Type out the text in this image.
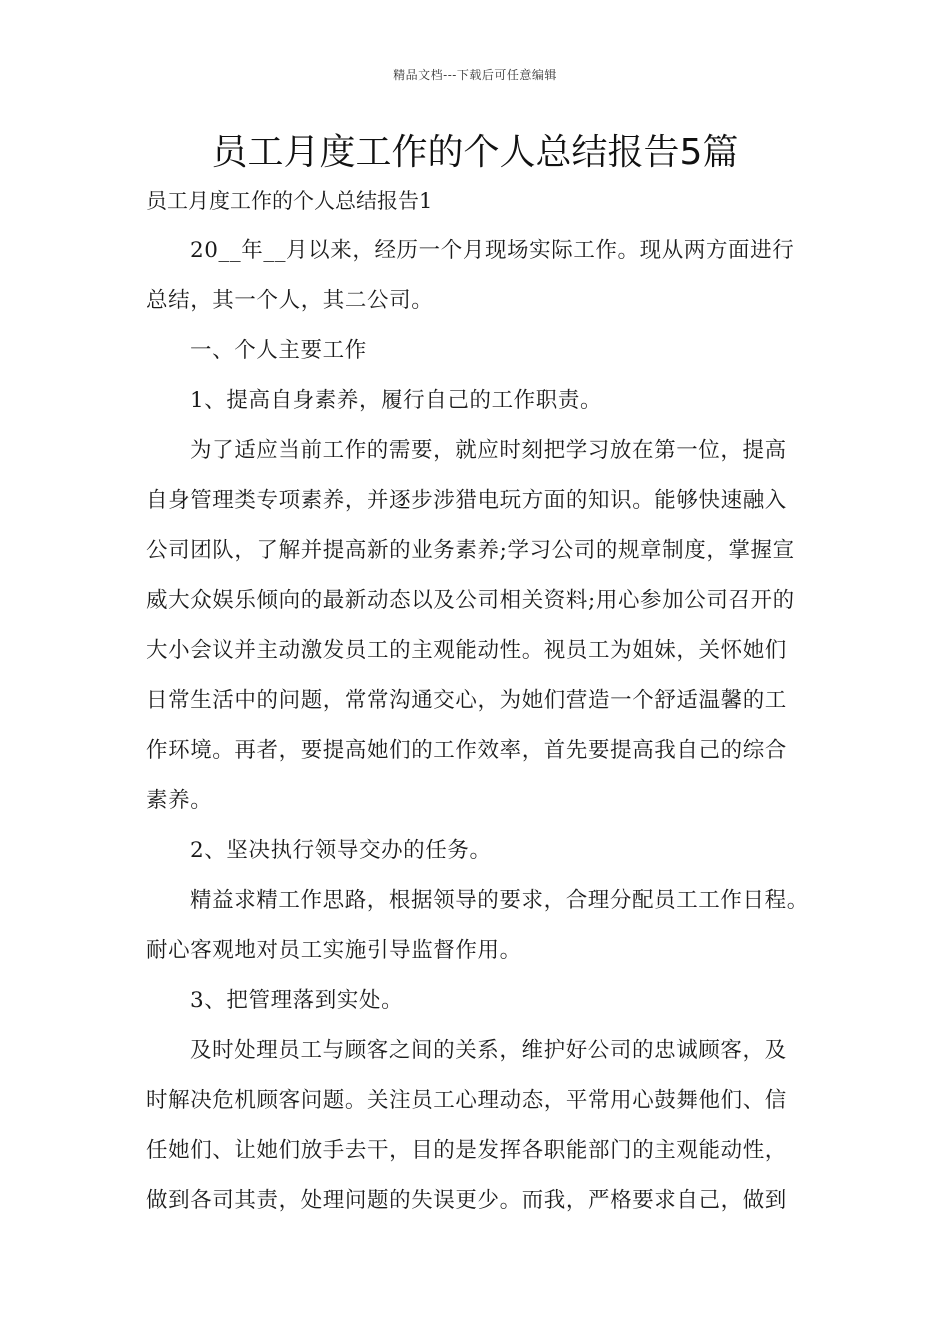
精品文档---下载后可任意编辑
员工月度工作的个人总结报告5篇
员工月度工作的个人总结报告1
20__年__月以来，经历一个月现场实际工作。现从两方面进行
总结，其一个人，其二公司。
一、个人主要工作
1、提高自身素养，履行自己的工作职责。
为了适应当前工作的需要，就应时刻把学习放在第一位，提高
自身管理类专项素养，并逐步涉猎电玩方面的知识。能够快速融入
公司团队，了解并提高新的业务素养;学习公司的规章制度，掌握宣
威大众娱乐倾向的最新动态以及公司相关资料;用心参加公司召开的
大小会议并主动激发员工的主观能动性。视员工为姐妹，关怀她们
日常生活中的问题，常常沟通交心，为她们营造一个舒适温馨的工
作环境。再者，要提高她们的工作效率，首先要提高我自己的综合
素养。
2、坚决执行领导交办的任务。
精益求精工作思路，根据领导的要求，合理分配员工工作日程。
耐心客观地对员工实施引导监督作用。
3、把管理落到实处。
及时处理员工与顾客之间的关系，维护好公司的忠诚顾客，及
时解决危机顾客问题。关注员工心理动态，平常用心鼓舞他们、信
任她们、让她们放手去干，目的是发挥各职能部门的主观能动性，
做到各司其责，处理问题的失误更少。而我，严格要求自己，做到
